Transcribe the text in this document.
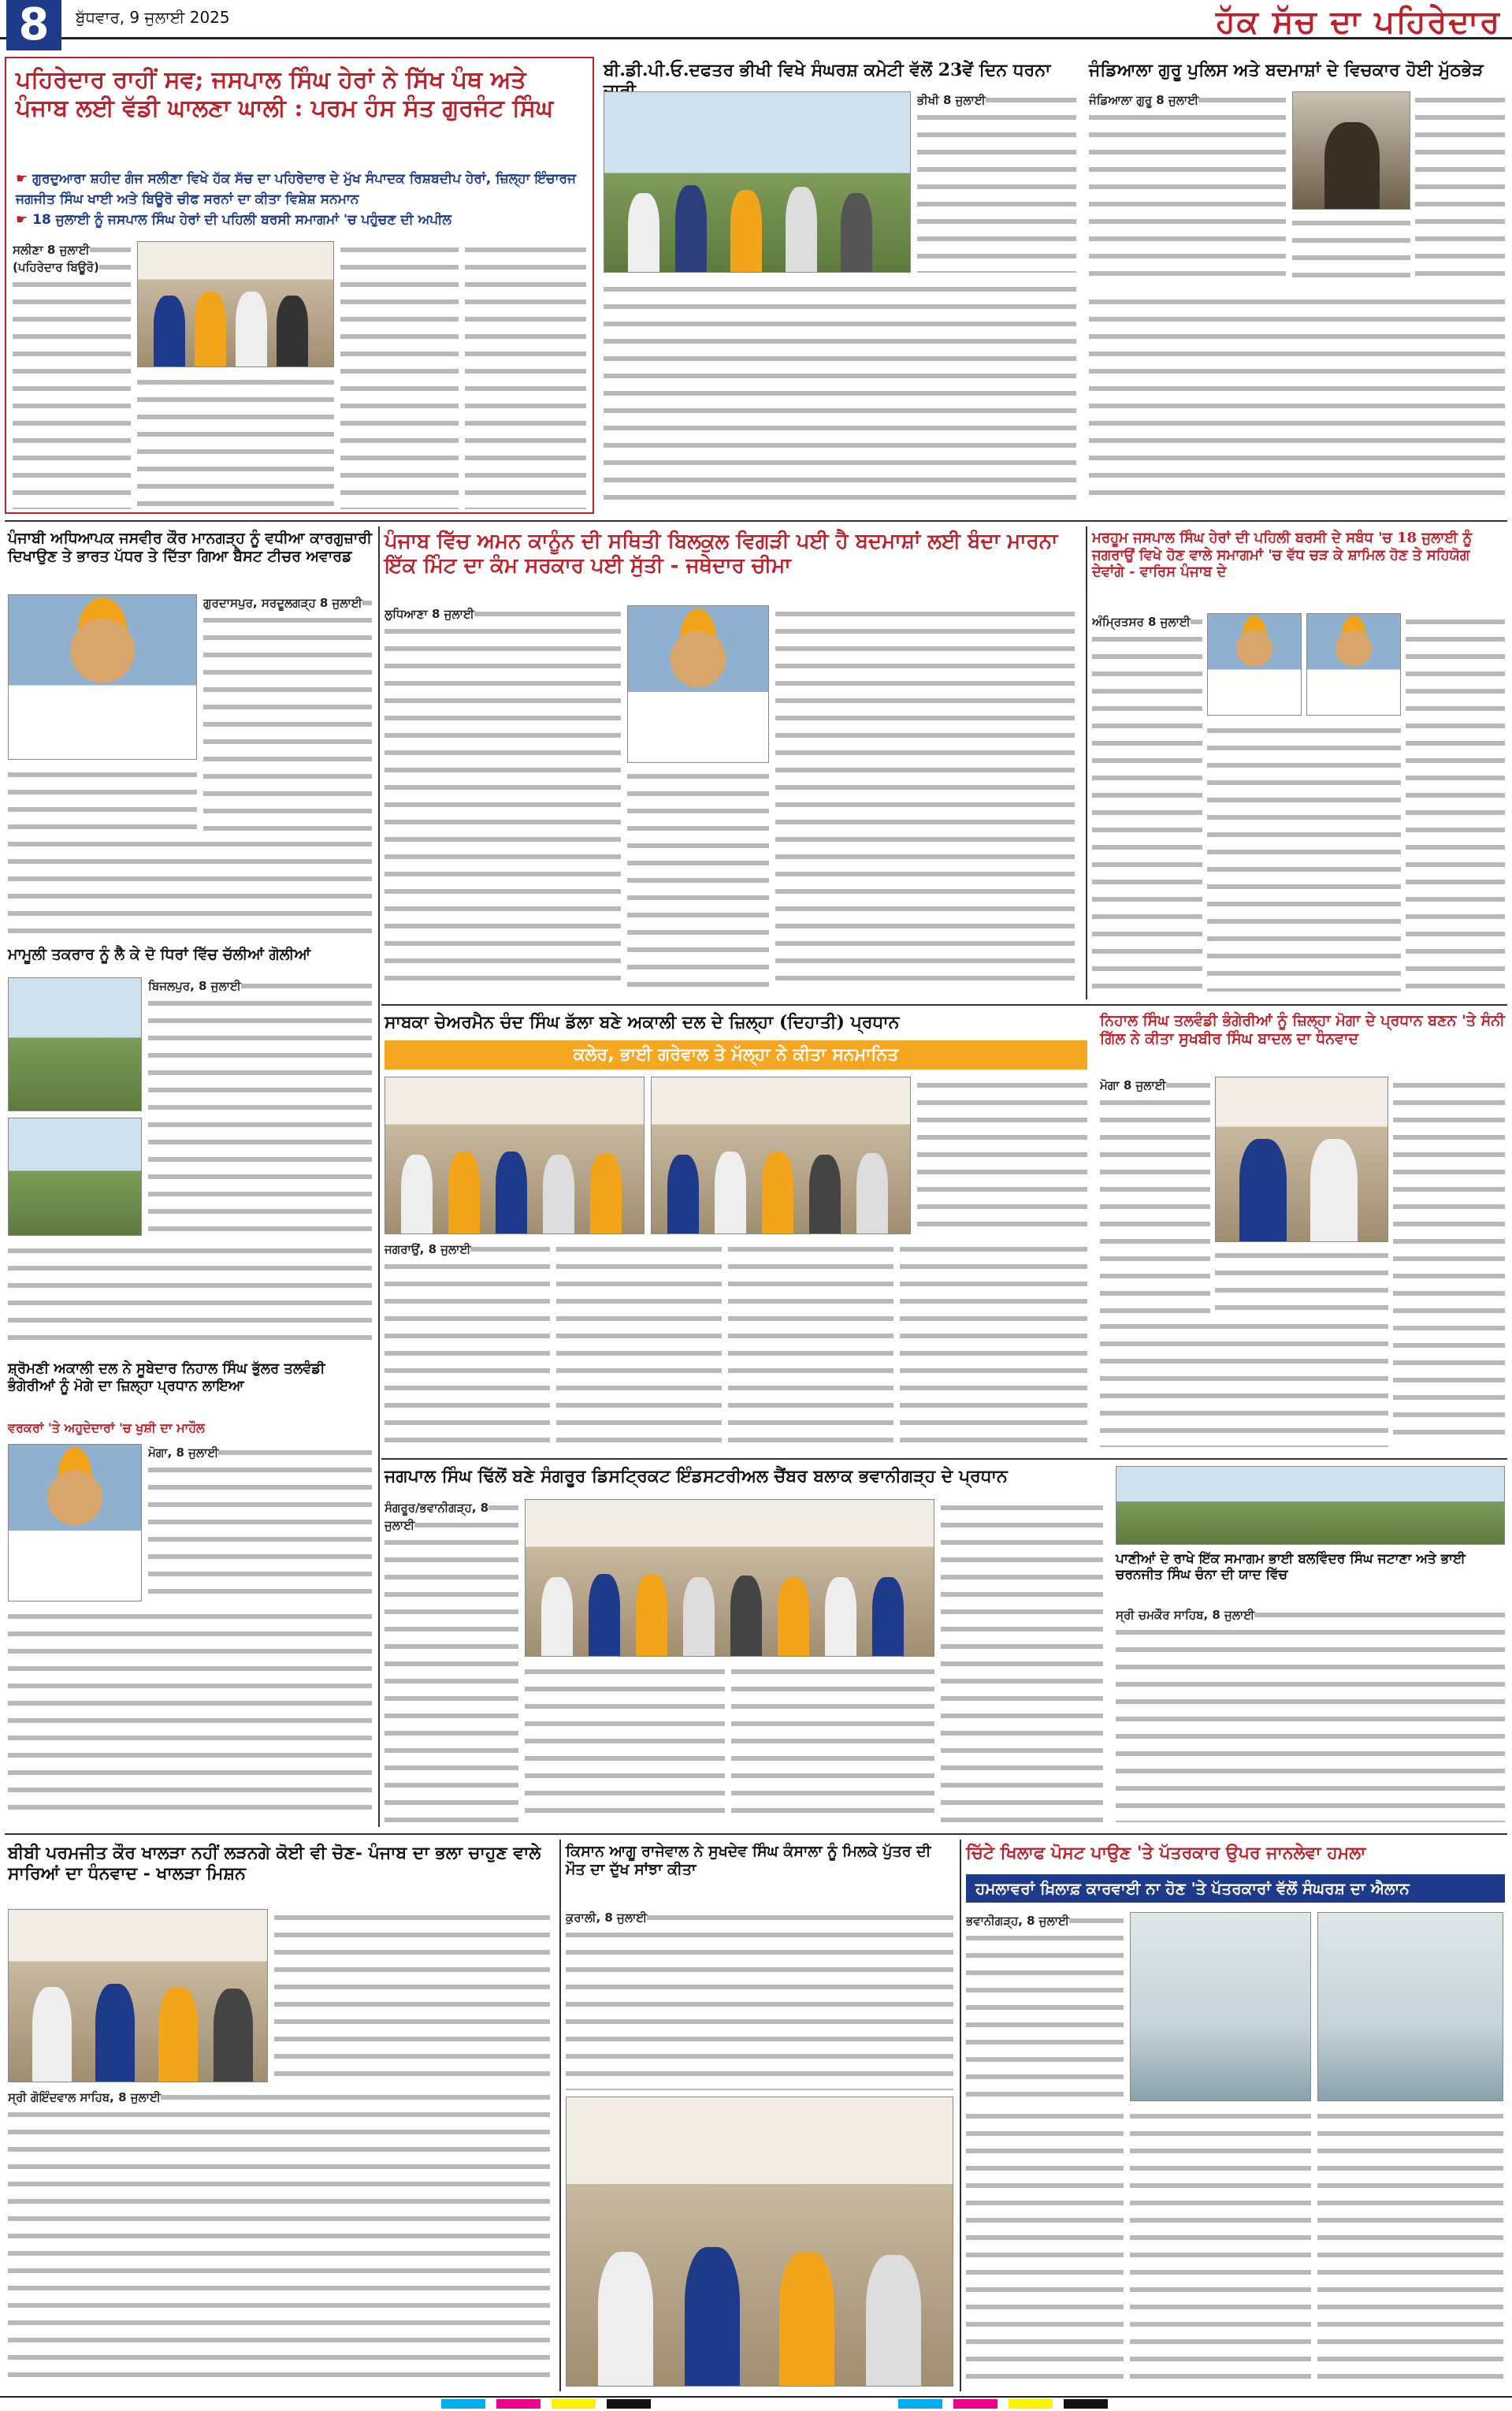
8	ਬੁੱਧਵਾਰ, 9 ਜੁਲਾਈ 2025	ਹੱਕ ਸੱਚ ਦਾ ਪਹਿਰੇਦਾਰ
ਪਹਿਰੇਦਾਰ ਰਾਹੀਂ ਸਵ; ਜਸਪਾਲ ਸਿੰਘ ਹੇਰਾਂ ਨੇ ਸਿੱਖ ਪੰਥ ਅਤੇ ਪੰਜਾਬ ਲਈ ਵੱਡੀ ਘਾਲਣਾ ਘਾਲੀ : ਪਰਮ ਹੰਸ ਸੰਤ ਗੁਰਜੰਟ ਸਿੰਘ
☛ ਗੁਰਦੁਆਰਾ ਸ਼ਹੀਦ ਗੰਜ ਸਲੀਣਾ ਵਿਖੇ ਹੱਕ ਸੱਚ ਦਾ ਪਹਿਰੇਦਾਰ ਦੇ ਮੁੱਖ ਸੰਪਾਦਕ ਰਿਸ਼ਬਦੀਪ ਹੇਰਾਂ, ਜ਼ਿਲ੍ਹਾ ਇੰਚਾਰਜ ਜਗਜੀਤ ਸਿੰਘ ਖਾਈ ਅਤੇ ਬਿਊਰੋ ਚੀਫ ਸਰਨਾਂ ਦਾ ਕੀਤਾ ਵਿਸ਼ੇਸ਼ ਸਨਮਾਨ
☛ 18 ਜੁਲਾਈ ਨੂੰ ਜਸਪਾਲ ਸਿੰਘ ਹੇਰਾਂ ਦੀ ਪਹਿਲੀ ਬਰਸੀ ਸਮਾਗਮਾਂ 'ਚ ਪਹੁੰਚਣ ਦੀ ਅਪੀਲ
ਸਲੀਣਾ 8 ਜੁਲਾਈ (ਪਹਿਰੇਦਾਰ ਬਿਊਰੋ)
ਬੀ.ਡੀ.ਪੀ.ਓ.ਦਫਤਰ ਭੀਖੀ ਵਿਖੇ ਸੰਘਰਸ਼ ਕਮੇਟੀ ਵੱਲੋਂ 23ਵੇਂ ਦਿਨ ਧਰਨਾ
ਭੀਖੀ 8 ਜੁਲਾਈ
ਜੰਡਿਆਲਾ ਗੁਰੂ ਪੁਲਿਸ ਅਤੇ ਬਦਮਾਸ਼ਾਂ ਦੇ ਵਿਚਕਾਰ ਹੋਈ ਮੁੱਠਭੇੜ
ਜੰਡਿਆਲਾ ਗੁਰੂ 8 ਜੁਲਾਈ
ਪੰਜਾਬੀ ਅਧਿਆਪਕ ਜਸਵੀਰ ਕੌਰ ਮਾਨਗੜ੍ਹ ਨੂੰ ਵਧੀਆ ਕਾਰਗੁਜ਼ਾਰੀ ਦਿਖਾਉਣ ਤੇ ਭਾਰਤ ਪੱਧਰ ਤੇ ਦਿੱਤਾ ਗਿਆ ਬੈਸਟ ਟੀਚਰ ਅਵਾਰਡ
ਗੁਰਦਾਸਪੁਰ, ਸਰਦੂਲਗੜ੍ਹ 8 ਜੁਲਾਈ
ਪੰਜਾਬ ਵਿੱਚ ਅਮਨ ਕਾਨੂੰਨ ਦੀ ਸਥਿਤੀ ਬਿਲਕੁਲ ਵਿਗੜੀ ਪਈ ਹੈ ਬਦਮਾਸ਼ਾਂ ਲਈ ਬੰਦਾ ਮਾਰਨਾ ਇੱਕ ਮਿੰਟ ਦਾ ਕੰਮ ਸਰਕਾਰ ਪਈ ਸੁੱਤੀ - ਜਥੇਦਾਰ ਚੀਮਾ
ਲੁਧਿਆਣਾ 8 ਜੁਲਾਈ
ਮਰਹੂਮ ਜਸਪਾਲ ਸਿੰਘ ਹੇਰਾਂ ਦੀ ਪਹਿਲੀ ਬਰਸੀ ਦੇ ਸਬੰਧ 'ਚ 18 ਜੁਲਾਈ ਨੂੰ ਜਗਰਾਉਂ ਵਿਖੇ ਹੋਣ ਵਾਲੇ ਸਮਾਗਮਾਂ 'ਚ ਵੱਧ ਚੜ ਕੇ ਸ਼ਾਮਿਲ ਹੋਣ ਤੇ ਸਹਿਯੋਗ ਦੇਵਾਂਗੇ - ਵਾਰਿਸ ਪੰਜਾਬ ਦੇ
ਅੰਮ੍ਰਿਤਸਰ 8 ਜੁਲਾਈ
ਮਾਮੂਲੀ ਤਕਰਾਰ ਨੂੰ ਲੈ ਕੇ ਦੋ ਧਿਰਾਂ ਵਿੱਚ ਚੱਲੀਆਂ ਗੋਲੀਆਂ
ਬਿਜਲਪੁਰ, 8 ਜੁਲਾਈ
ਸਾਬਕਾ ਚੇਅਰਮੈਨ ਚੰਦ ਸਿੰਘ ਡੱਲਾ ਬਣੇ ਅਕਾਲੀ ਦਲ ਦੇ ਜ਼ਿਲ੍ਹਾ (ਦਿਹਾਤੀ) ਪ੍ਰਧਾਨ
ਕਲੇਰ, ਭਾਈ ਗਰੇਵਾਲ ਤੇ ਮੱਲ੍ਹਾ ਨੇ ਕੀਤਾ ਸਨਮਾਨਿਤ
ਜਗਰਾਉਂ, 8 ਜੁਲਾਈ
ਨਿਹਾਲ ਸਿੰਘ ਤਲਵੰਡੀ ਭੰਗੇਰੀਆਂ ਨੂੰ ਜ਼ਿਲ੍ਹਾ ਮੋਗਾ ਦੇ ਪ੍ਰਧਾਨ ਬਣਨ 'ਤੇ ਸੰਨੀ ਗਿੱਲ ਨੇ ਕੀਤਾ ਸੁਖਬੀਰ ਸਿੰਘ ਬਾਦਲ ਦਾ ਧੰਨਵਾਦ
ਮੋਗਾ 8 ਜੁਲਾਈ
ਸ਼੍ਰੋਮਣੀ ਅਕਾਲੀ ਦਲ ਨੇ ਸੂਬੇਦਾਰ ਨਿਹਾਲ ਸਿੰਘ ਭੁੱਲਰ ਤਲਵੰਡੀ ਭੰਗੇਰੀਆਂ ਨੂੰ ਮੋਗੇ ਦਾ ਜ਼ਿਲ੍ਹਾ ਪ੍ਰਧਾਨ ਲਾਇਆ
ਵਰਕਰਾਂ 'ਤੇ ਅਹੁਦੇਦਾਰਾਂ 'ਚ ਖੁਸ਼ੀ ਦਾ ਮਾਹੌਲ
ਮੋਗਾ, 8 ਜੁਲਾਈ
ਜਗਪਾਲ ਸਿੰਘ ਢਿੱਲੋਂ ਬਣੇ ਸੰਗਰੂਰ ਡਿਸਟ੍ਰਿਕਟ ਇੰਡਸਟਰੀਅਲ ਚੈਂਬਰ ਬਲਾਕ ਭਵਾਨੀਗੜ੍ਹ ਦੇ ਪ੍ਰਧਾਨ
ਸੰਗਰੂਰ/ਭਵਾਨੀਗੜ੍ਹ, 8 ਜੁਲਾਈ
ਪਾਣੀਆਂ ਦੇ ਰਾਖੇ ਇੱਕ ਸਮਾਗਮ ਭਾਈ ਬਲਵਿੰਦਰ ਸਿੰਘ ਜਟਾਣਾ ਅਤੇ ਭਾਈ ਚਰਨਜੀਤ ਸਿੰਘ ਚੰਨਾ ਦੀ ਯਾਦ ਵਿੱਚ
ਸ੍ਰੀ ਚਮਕੌਰ ਸਾਹਿਬ, 8 ਜੁਲਾਈ
ਬੀਬੀ ਪਰਮਜੀਤ ਕੌਰ ਖਾਲੜਾ ਨਹੀਂ ਲੜਨਗੇ ਕੋਈ ਵੀ ਚੋਣ- ਪੰਜਾਬ ਦਾ ਭਲਾ ਚਾਹੁਣ ਵਾਲੇ ਸਾਰਿਆਂ ਦਾ ਧੰਨਵਾਦ - ਖਾਲੜਾ ਮਿਸ਼ਨ
ਸ੍ਰੀ ਗੋਇੰਦਵਾਲ ਸਾਹਿਬ, 8 ਜੁਲਾਈ
ਕਿਸਾਨ ਆਗੂ ਰਾਜੇਵਾਲ ਨੇ ਸੁਖਦੇਵ ਸਿੰਘ ਕੰਸਾਲਾ ਨੂੰ ਮਿਲਕੇ ਪੁੱਤਰ ਦੀ ਮੌਤ ਦਾ ਦੁੱਖ ਸਾਂਝਾ ਕੀਤਾ
ਕੁਰਾਲੀ, 8 ਜੁਲਾਈ
ਚਿੱਟੇ ਖਿਲਾਫ ਪੋਸਟ ਪਾਉਣ 'ਤੇ ਪੱਤਰਕਾਰ ਉਪਰ ਜਾਨਲੇਵਾ ਹਮਲਾ
ਹਮਲਾਵਰਾਂ ਖ਼ਿਲਾਫ਼ ਕਾਰਵਾਈ ਨਾ ਹੋਣ 'ਤੇ ਪੱਤਰਕਾਰਾਂ ਵੱਲੋਂ ਸੰਘਰਸ਼ ਦਾ ਐਲਾਨ
ਭਵਾਨੀਗੜ੍ਹ, 8 ਜੁਲਾਈ
